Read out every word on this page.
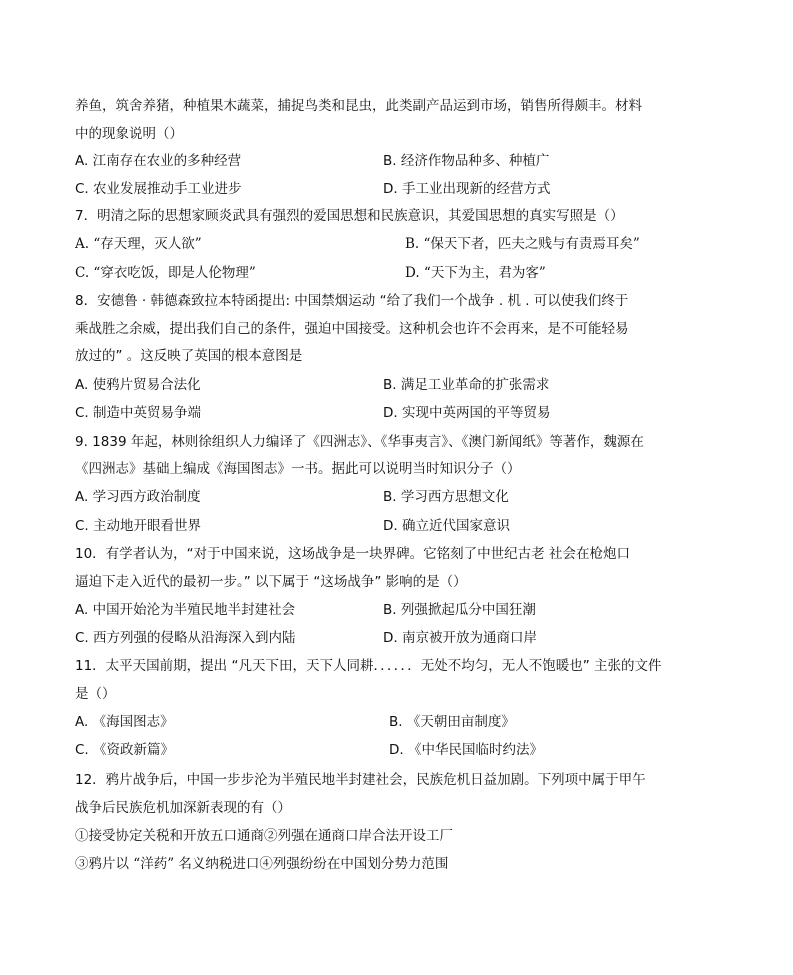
养鱼，筑舍养猪，种植果木蔬菜，捕捉鸟类和昆虫，此类副产品运到市场，销售所得颇丰。材料
中的现象说明（）
A. 江南存在农业的多种经营	B. 经济作物品种多、种植广
C. 农业发展推动手工业进步	D. 手工业出现新的经营方式
7．明清之际的思想家顾炎武具有强烈的爱国思想和民族意识，其爱国思想的真实写照是（）
A. “存天理，灭人欲”	B. “保天下者，匹夫之贱与有责焉耳矣”
C. “穿衣吃饭，即是人伦物理”	D. “天下为主，君为客”
8．安德鲁 · 韩德森致拉本特函提出: 中国禁烟运动 “给了我们一个战争 . 机 . 可以使我们终于
乘战胜之余威，提出我们自己的条件，强迫中国接受。这种机会也许不会再来，是不可能轻易
放过的” 。这反映了英国的根本意图是
A. 使鸦片贸易合法化	B. 满足工业革命的扩张需求
C. 制造中英贸易争端	D. 实现中英两国的平等贸易
9. 1839 年起，林则徐组织人力编译了《四洲志》、《华事夷言》、《澳门新闻纸》等著作，魏源在
《四洲志》基础上编成《海国图志》一书。据此可以说明当时知识分子（）
A. 学习西方政治制度	B. 学习西方思想文化
C. 主动地开眼看世界	D. 确立近代国家意识
10．有学者认为，“对于中国来说，这场战争是一块界碑。它铭刻了中世纪古老 社会在枪炮口
逼迫下走入近代的最初一步。” 以下属于 “这场战争” 影响的是（）
A. 中国开始沦为半殖民地半封建社会	B. 列强掀起瓜分中国狂潮
C. 西方列强的侵略从沿海深入到内陆	D. 南京被开放为通商口岸
11．太平天国前期，提出 “凡天下田，天下人同耕．．．．．．无处不均匀，无人不饱暖也” 主张的文件
是（）
A. 《海国图志》	B. 《天朝田亩制度》
C. 《资政新篇》	D. 《中华民国临时约法》
12．鸦片战争后，中国一步步沦为半殖民地半封建社会，民族危机日益加剧。下列项中属于甲午
战争后民族危机加深新表现的有（）
①接受协定关税和开放五口通商②列强在通商口岸合法开设工厂
③鸦片以 “洋药” 名义纳税进口④列强纷纷在中国划分势力范围
